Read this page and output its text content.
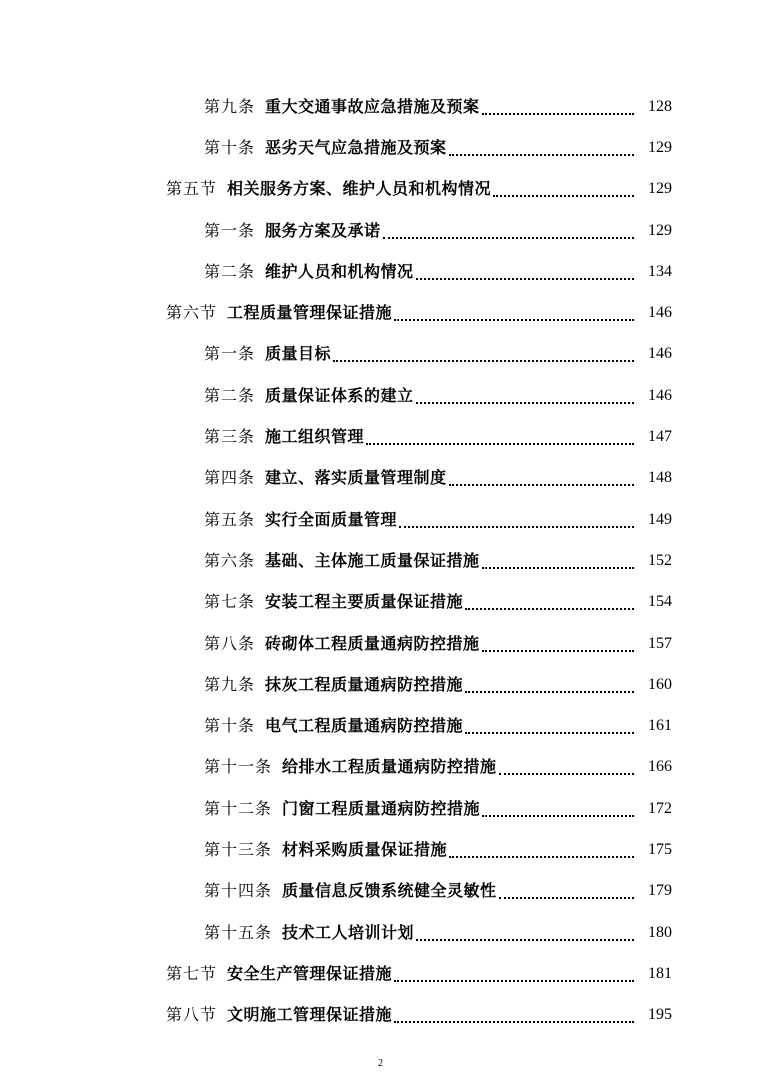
第九条 重大交通事故应急措施及预案	128
第十条 恶劣天气应急措施及预案	129
第五节 相关服务方案、维护人员和机构情况	129
第一条 服务方案及承诺	129
第二条 维护人员和机构情况	134
第六节 工程质量管理保证措施	146
第一条 质量目标	146
第二条 质量保证体系的建立	146
第三条 施工组织管理	147
第四条 建立、落实质量管理制度	148
第五条 实行全面质量管理	149
第六条 基础、主体施工质量保证措施	152
第七条 安装工程主要质量保证措施	154
第八条 砖砌体工程质量通病防控措施	157
第九条 抹灰工程质量通病防控措施	160
第十条 电气工程质量通病防控措施	161
第十一条 给排水工程质量通病防控措施	166
第十二条 门窗工程质量通病防控措施	172
第十三条 材料采购质量保证措施	175
第十四条 质量信息反馈系统健全灵敏性	179
第十五条 技术工人培训计划	180
第七节 安全生产管理保证措施	181
第八节 文明施工管理保证措施	195
2
